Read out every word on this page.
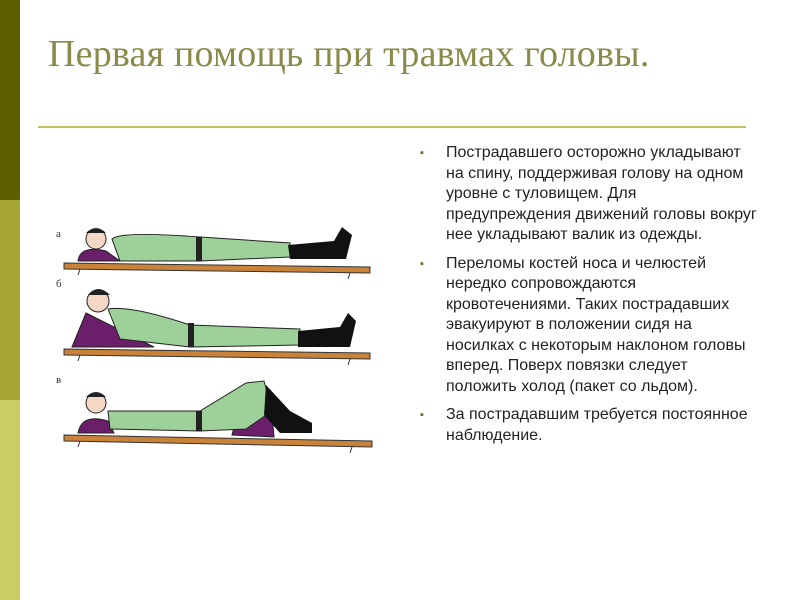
Первая помощь при травмах головы.
а
б
в
▪ Пострадавшего осторожно укладывают на спину, поддерживая голову на одном уровне с туловищем. Для предупреждения движений головы вокруг нее укладывают валик из одежды.
▪ Переломы костей носа и челюстей нередко сопровождаются кровотечениями. Таких пострадавших эвакуируют в положении сидя на носилках с некоторым наклоном головы вперед. Поверх повязки следует положить холод (пакет со льдом).
▪ За пострадавшим требуется постоянное наблюдение.
